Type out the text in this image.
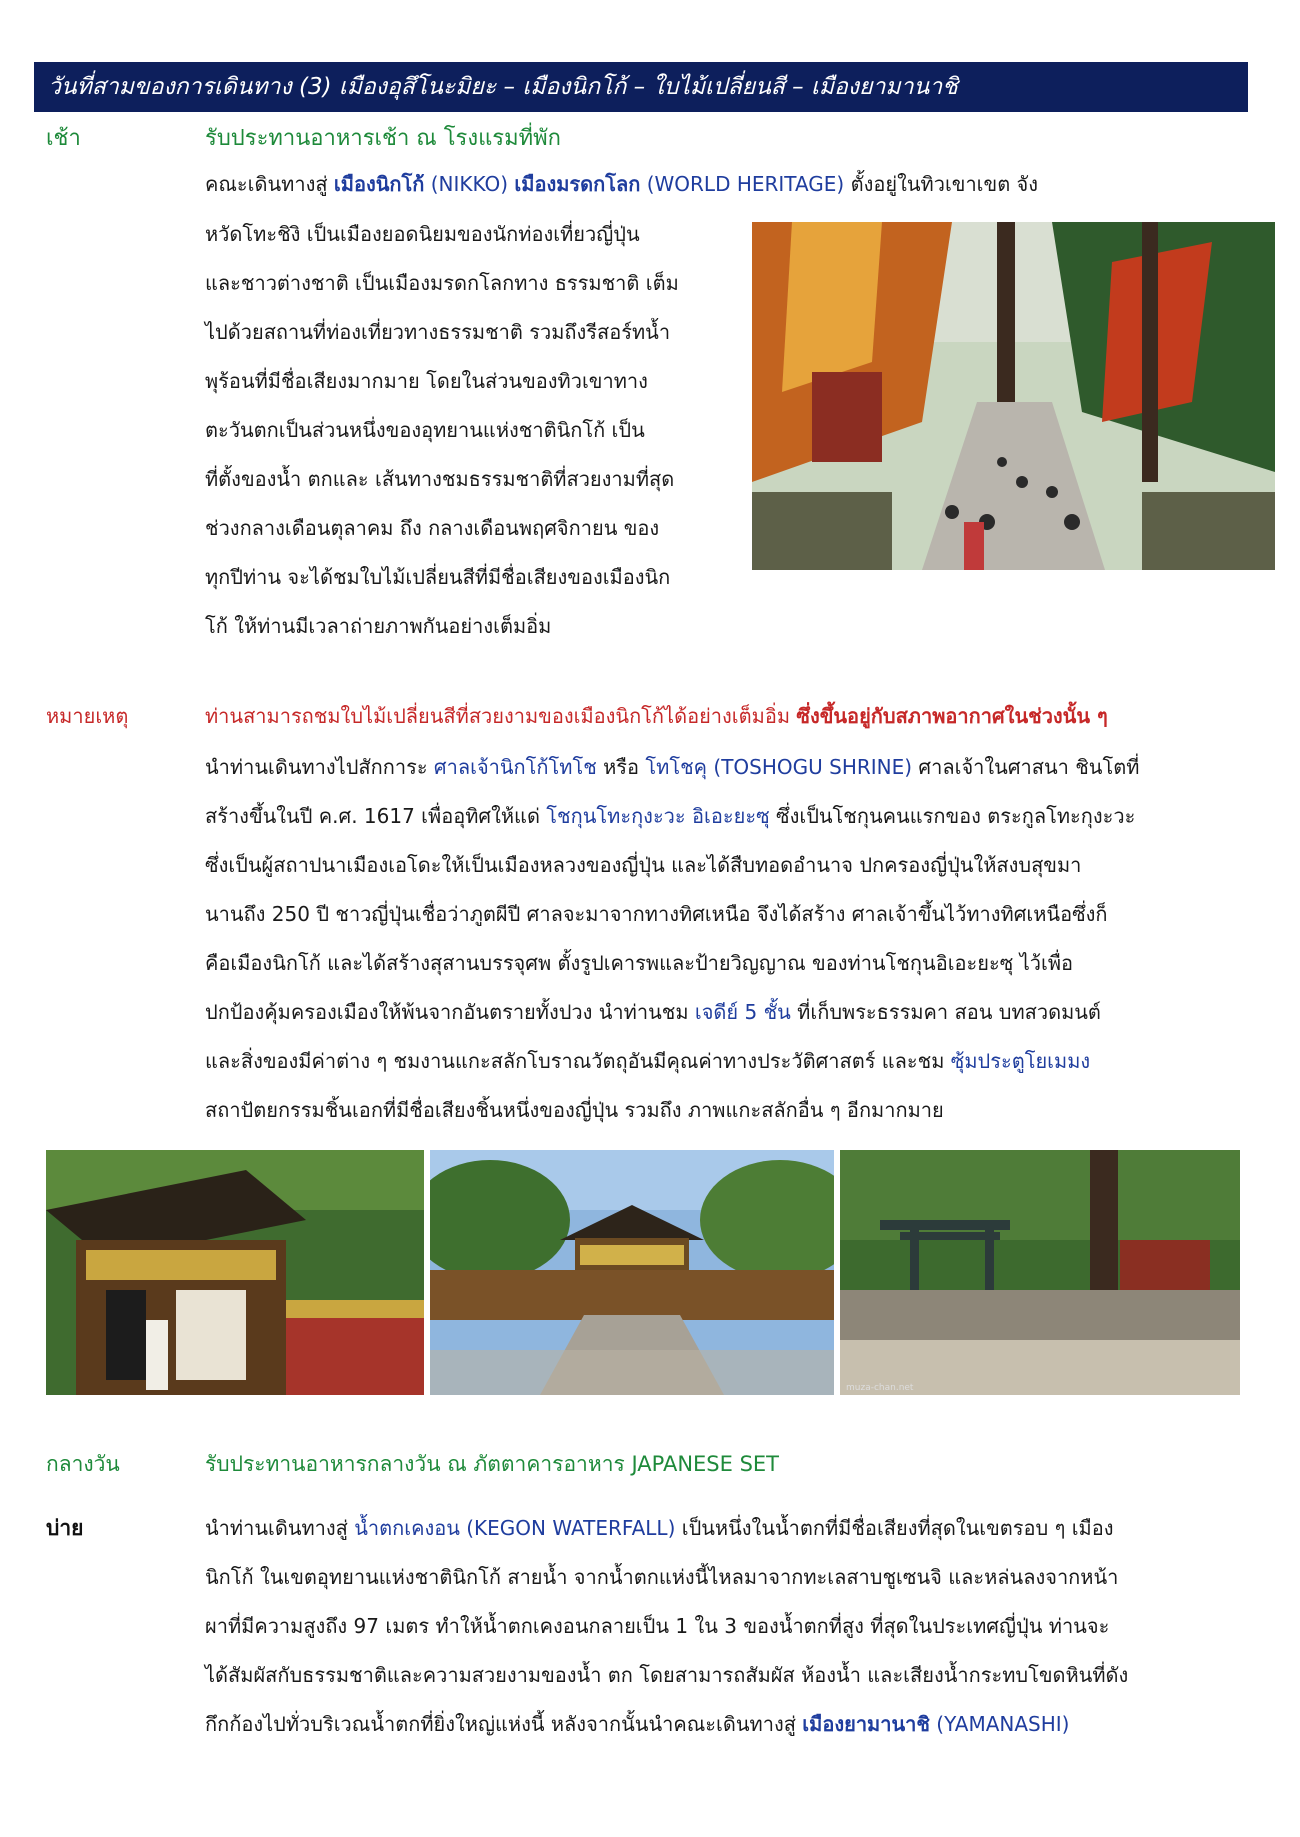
วันที่สามของการเดินทาง (3) เมืองอุสึโนะมิยะ – เมืองนิกโก้ – ใบไม้เปลี่ยนสี – เมืองยามานาชิ
เช้า	รับประทานอาหารเช้า ณ โรงแรมที่พัก
คณะเดินทางสู่ เมืองนิกโก้ (NIKKO) เมืองมรดกโลก (WORLD HERITAGE) ตั้งอยู่ในทิวเขาเขต จัง
หวัดโทะชิงิ เป็นเมืองยอดนิยมของนักท่องเที่ยวญี่ปุ่น
และชาวต่างชาติ เป็นเมืองมรดกโลกทาง ธรรมชาติ เต็ม
ไปด้วยสถานที่ท่องเที่ยวทางธรรมชาติ รวมถึงรีสอร์ทน้ำ
พุร้อนที่มีชื่อเสียงมากมาย โดยในส่วนของทิวเขาทาง
ตะวันตกเป็นส่วนหนึ่งของอุทยานแห่งชาตินิกโก้ เป็น
ที่ตั้งของน้ำ ตกและ เส้นทางชมธรรมชาติที่สวยงามที่สุด
ช่วงกลางเดือนตุลาคม ถึง กลางเดือนพฤศจิกายน ของ
ทุกปีท่าน จะได้ชมใบไม้เปลี่ยนสีที่มีชื่อเสียงของเมืองนิก
โก้ ให้ท่านมีเวลาถ่ายภาพกันอย่างเต็มอิ่ม
หมายเหตุ	ท่านสามารถชมใบไม้เปลี่ยนสีที่สวยงามของเมืองนิกโก้ได้อย่างเต็มอิ่ม ซึ่งขึ้นอยู่กับสภาพอากาศในช่วงนั้น ๆ
นำท่านเดินทางไปสักการะ ศาลเจ้านิกโก้โทโช หรือ โทโชคุ (TOSHOGU SHRINE) ศาลเจ้าในศาสนา ชินโตที่
สร้างขึ้นในปี ค.ศ. 1617 เพื่ออุทิศให้แด่ โชกุนโทะกุงะวะ อิเอะยะซุ ซึ่งเป็นโชกุนคนแรกของ ตระกูลโทะกุงะวะ
ซึ่งเป็นผู้สถาปนาเมืองเอโดะให้เป็นเมืองหลวงของญี่ปุ่น และได้สืบทอดอำนาจ ปกครองญี่ปุ่นให้สงบสุขมา
นานถึง 250 ปี ชาวญี่ปุ่นเชื่อว่าภูตผีปี ศาลจะมาจากทางทิศเหนือ จึงได้สร้าง ศาลเจ้าขึ้นไว้ทางทิศเหนือซึ่งก็
คือเมืองนิกโก้ และได้สร้างสุสานบรรจุศพ ตั้งรูปเคารพและป้ายวิญญาณ ของท่านโชกุนอิเอะยะซุ ไว้เพื่อ
ปกป้องคุ้มครองเมืองให้พ้นจากอันตรายทั้งปวง นำท่านชม เจดีย์ 5 ชั้น ที่เก็บพระธรรมคา สอน บทสวดมนต์
และสิ่งของมีค่าต่าง ๆ ชมงานแกะสลักโบราณวัตถุอันมีคุณค่าทางประวัติศาสตร์ และชม ซุ้มประตูโยเมมง
สถาปัตยกรรมชิ้นเอกที่มีชื่อเสียงชิ้นหนึ่งของญี่ปุ่น รวมถึง ภาพแกะสลักอื่น ๆ อีกมากมาย
muza-chan.net
กลางวัน	รับประทานอาหารกลางวัน ณ ภัตตาคารอาหาร JAPANESE SET
บ่าย	นำท่านเดินทางสู่ น้ำตกเคงอน (KEGON WATERFALL) เป็นหนึ่งในน้ำตกที่มีชื่อเสียงที่สุดในเขตรอบ ๆ เมือง
นิกโก้ ในเขตอุทยานแห่งชาตินิกโก้ สายน้ำ จากน้ำตกแห่งนี้ไหลมาจากทะเลสาบชูเซนจิ และหล่นลงจากหน้า
ผาที่มีความสูงถึง 97 เมตร ทำให้น้ำตกเคงอนกลายเป็น 1 ใน 3 ของน้ำตกที่สูง ที่สุดในประเทศญี่ปุ่น ท่านจะ
ได้สัมผัสกับธรรมชาติและความสวยงามของน้ำ ตก โดยสามารถสัมผัส ห้องน้ำ และเสียงน้ำกระทบโขดหินที่ดัง
กึกก้องไปทั่วบริเวณน้ำตกที่ยิ่งใหญ่แห่งนี้ หลังจากนั้นนำคณะเดินทางสู่ เมืองยามานาชิ (YAMANASHI)
